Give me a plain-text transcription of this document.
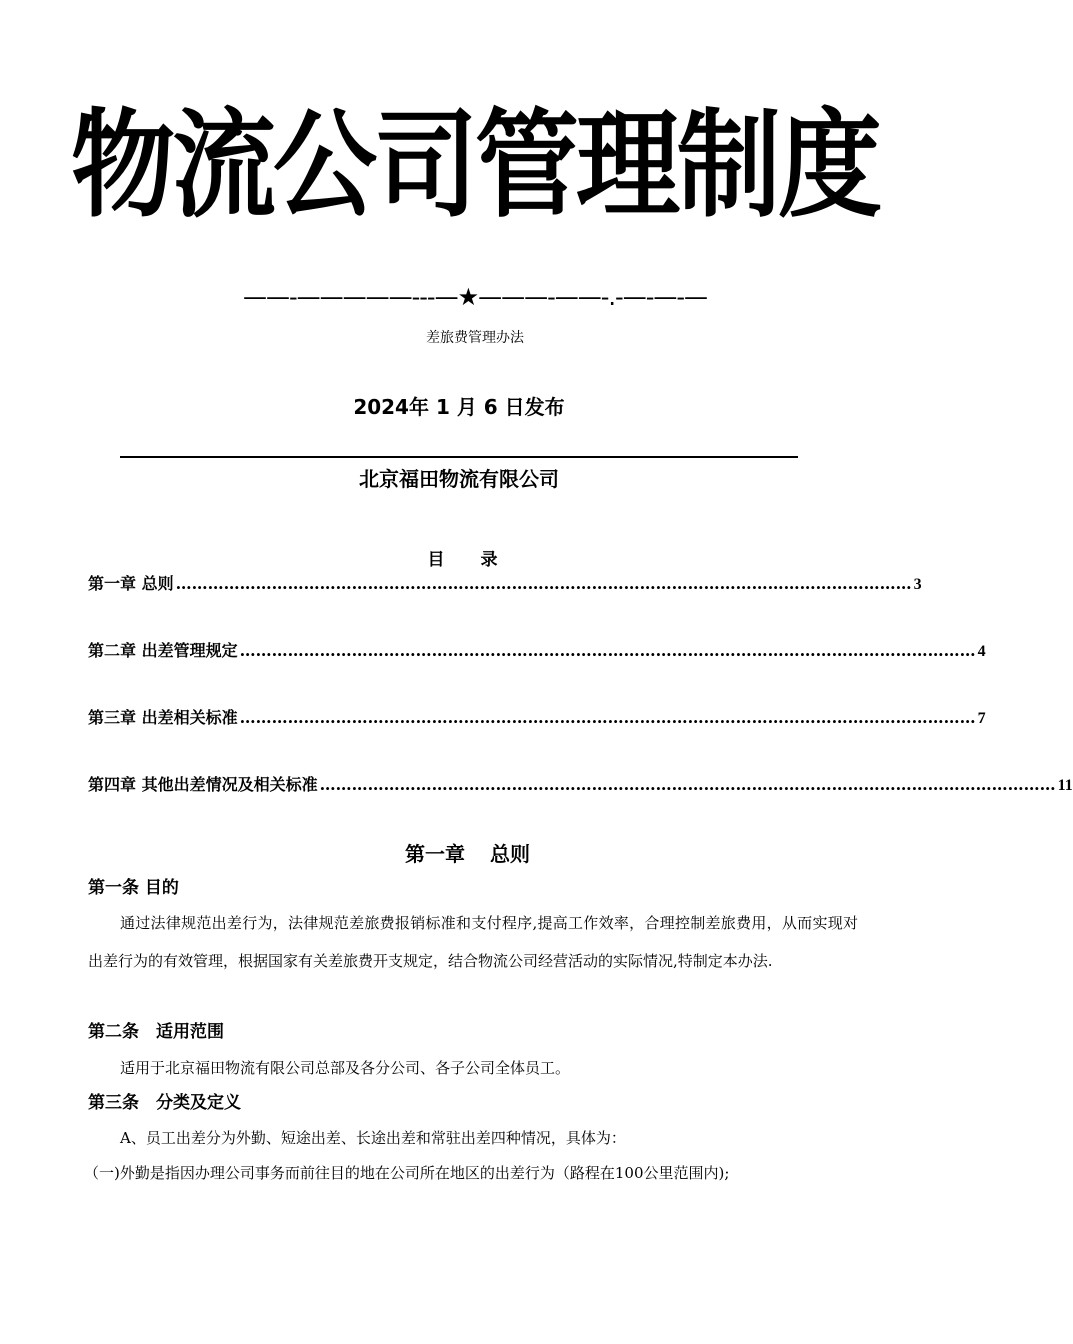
物流公司管理制度
——-—————---—★———-——-.-—-—-—
差旅费管理办法
2024年 1 月 6 日发布
北京福田物流有限公司
目 录
第一章 总则 ………………………………………………………………………………………………………………………… 3
第二章 出差管理规定 ………………………………………………………………………………………………………………………… 4
第三章 出差相关标准 ………………………………………………………………………………………………………………………… 7
第四章 其他出差情况及相关标准 ………………………………………………………………………………………………………………………… 11
第一章 总则
第一条 目的
通过法律规范出差行为，法律规范差旅费报销标准和支付程序,提高工作效率，合理控制差旅费用，从而实现对出差行为的有效管理，根据国家有关差旅费开支规定，结合物流公司经营活动的实际情况,特制定本办法.
第二条　适用范围
适用于北京福田物流有限公司总部及各分公司、各子公司全体员工。
第三条　分类及定义
A、员工出差分为外勤、短途出差、长途出差和常驻出差四种情况，具体为：
（一)外勤是指因办理公司事务而前往目的地在公司所在地区的出差行为（路程在100公里范围内);
